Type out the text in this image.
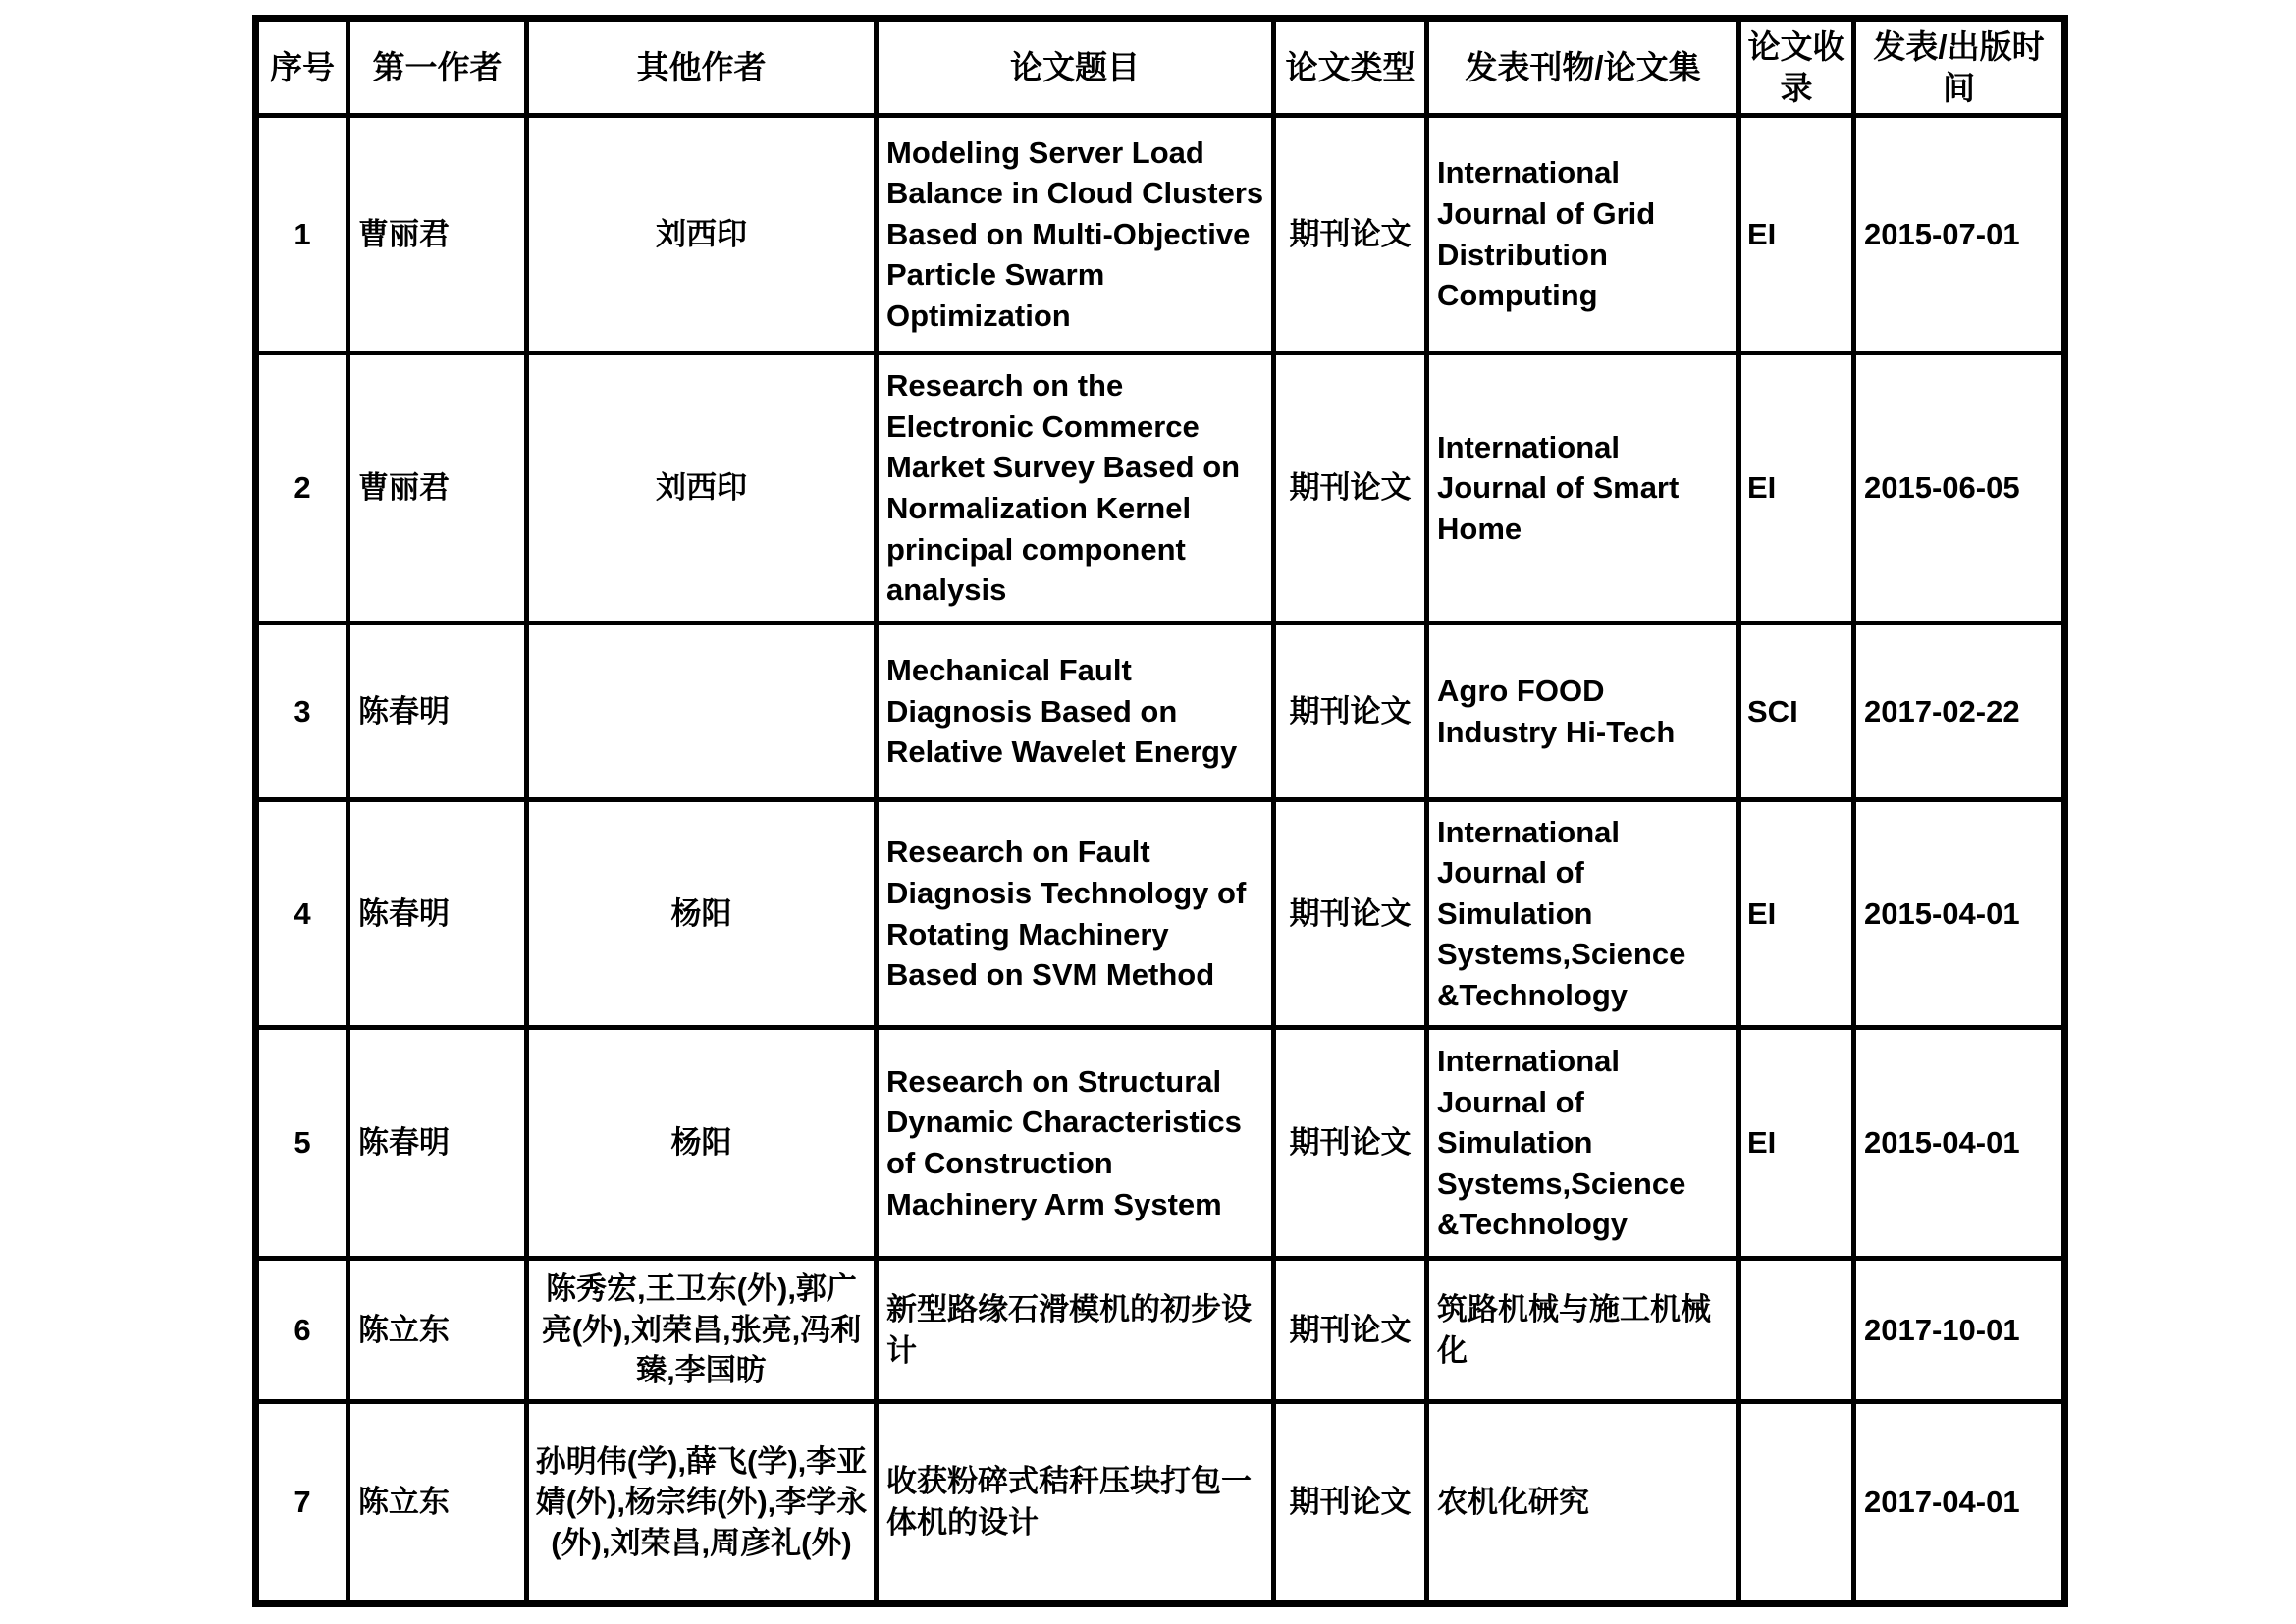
序号	第一作者	其他作者	论文题目	论文类型	发表刊物/论文集	论文收录	发表/出版时间
1	曹丽君	刘西印	Modeling Server Load Balance in Cloud Clusters Based on Multi-Objective Particle Swarm Optimization	期刊论文	International Journal of Grid Distribution Computing	EI	2015-07-01
2	曹丽君	刘西印	Research on the Electronic Commerce Market Survey Based on Normalization Kernel principal component analysis	期刊论文	International Journal of Smart Home	EI	2015-06-05
3	陈春明		Mechanical Fault Diagnosis Based on Relative Wavelet Energy	期刊论文	Agro FOOD Industry Hi-Tech	SCI	2017-02-22
4	陈春明	杨阳	Research on Fault Diagnosis Technology of Rotating Machinery Based on SVM Method	期刊论文	International Journal of Simulation Systems,Science &Technology	EI	2015-04-01
5	陈春明	杨阳	Research on Structural Dynamic Characteristics of Construction Machinery Arm System	期刊论文	International Journal of Simulation Systems,Science &Technology	EI	2015-04-01
6	陈立东	陈秀宏,王卫东(外),郭广亮(外),刘荣昌,张亮,冯利臻,李国昉	新型路缘石滑模机的初步设计	期刊论文	筑路机械与施工机械化		2017-10-01
7	陈立东	孙明伟(学),薛飞(学),李亚婧(外),杨宗纬(外),李学永(外),刘荣昌,周彦礼(外)	收获粉碎式秸秆压块打包一体机的设计	期刊论文	农机化研究		2017-04-01
